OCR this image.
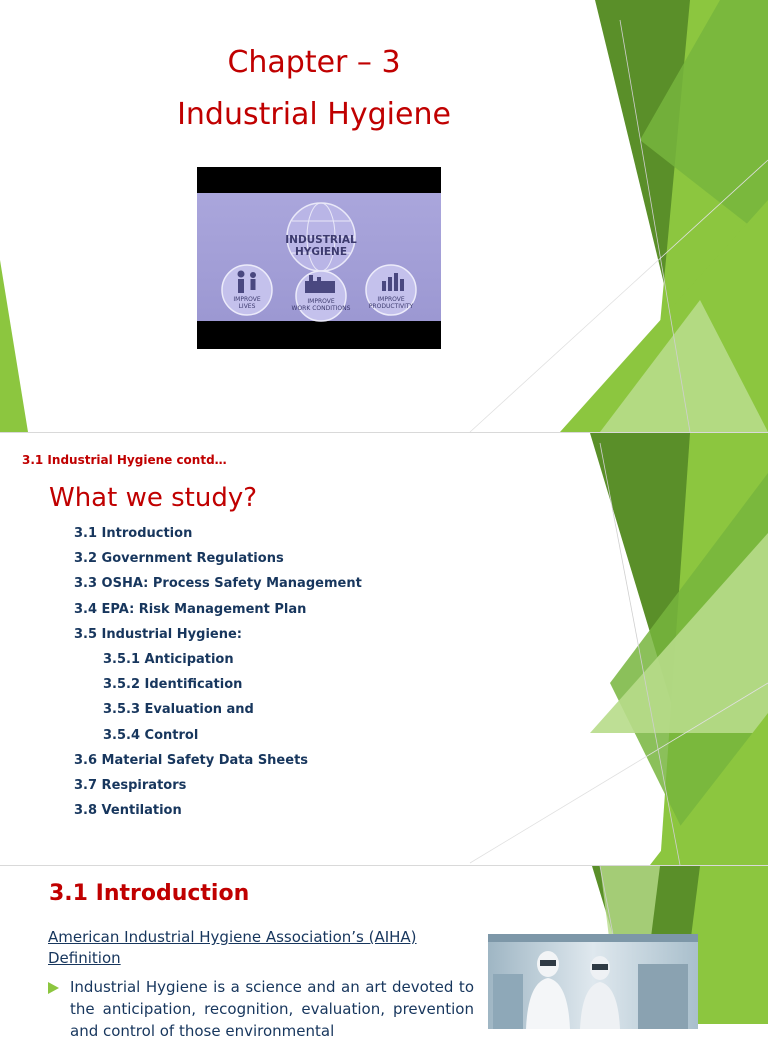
Chapter – 3
Industrial Hygiene
INDUSTRIAL
HYGIENE
IMPROVE
LIVES
IMPROVE
WORK CONDITIONS
IMPROVE
PRODUCTIVITY

3.1 Industrial Hygiene contd…

What we study?
3.1 Introduction
3.2 Government Regulations
3.3 OSHA: Process Safety Management
3.4 EPA: Risk Management Plan
3.5 Industrial Hygiene:
3.5.1 Anticipation
3.5.2 Identification
3.5.3 Evaluation and
3.5.4 Control
3.6 Material Safety Data Sheets
3.7 Respirators
3.8 Ventilation
3.1 Introduction

American Industrial Hygiene Association’s (AIHA) Definition

Industrial Hygiene is a science and an art devoted to the anticipation, recognition, evaluation, prevention and control of those environmental
